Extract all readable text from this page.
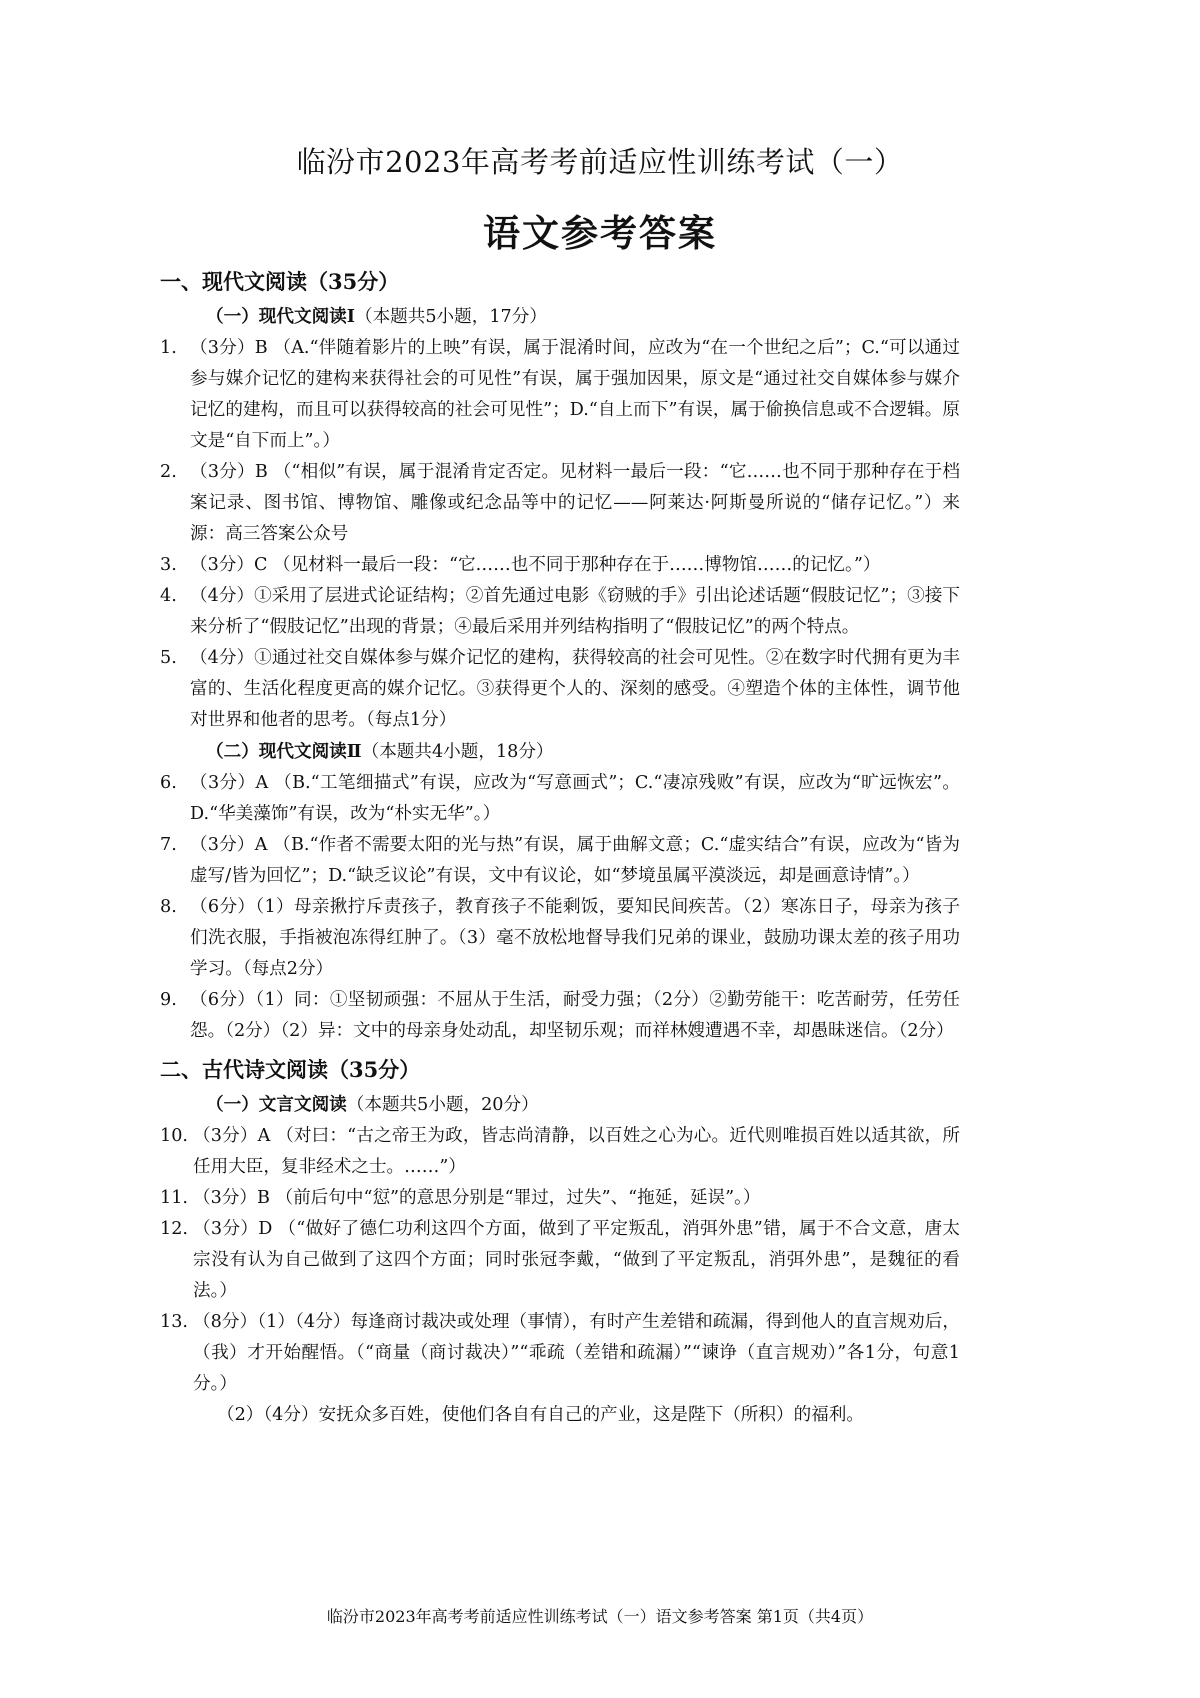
临汾市2023年高考考前适应性训练考试（一）
语文参考答案
一、现代文阅读（35分）
（一）现代文阅读Ⅰ（本题共5小题，17分）
1. （3分）B （A.“伴随着影片的上映”有误，属于混淆时间，应改为“在一个世纪之后”；C.“可以通过参与媒介记忆的建构来获得社会的可见性”有误，属于强加因果，原文是“通过社交自媒体参与媒介记忆的建构，而且可以获得较高的社会可见性”；D.“自上而下”有误，属于偷换信息或不合逻辑。原文是“自下而上”。）
2. （3分）B （“相似”有误，属于混淆肯定否定。见材料一最后一段：“它……也不同于那种存在于档案记录、图书馆、博物馆、雕像或纪念品等中的记忆——阿莱达·阿斯曼所说的“储存记忆。”）来源：高三答案公众号
3. （3分）C （见材料一最后一段：“它……也不同于那种存在于……博物馆……的记忆。”）
4. （4分）①采用了层进式论证结构；②首先通过电影《窃贼的手》引出论述话题“假肢记忆”；③接下来分析了“假肢记忆”出现的背景；④最后采用并列结构指明了“假肢记忆”的两个特点。
5. （4分）①通过社交自媒体参与媒介记忆的建构，获得较高的社会可见性。②在数字时代拥有更为丰富的、生活化程度更高的媒介记忆。③获得更个人的、深刻的感受。④塑造个体的主体性，调节他对世界和他者的思考。（每点1分）
（二）现代文阅读Ⅱ（本题共4小题，18分）
6. （3分）A （B.“工笔细描式”有误，应改为“写意画式”；C.“凄凉残败”有误，应改为“旷远恢宏”。D.“华美藻饰”有误，改为“朴实无华”。）
7. （3分）A （B.“作者不需要太阳的光与热”有误，属于曲解文意；C.“虚实结合”有误，应改为“皆为虚写/皆为回忆”；D.“缺乏议论”有误，文中有议论，如“梦境虽属平漠淡远，却是画意诗情”。）
8. （6分）（1）母亲揪拧斥责孩子，教育孩子不能剩饭，要知民间疾苦。（2）寒冻日子，母亲为孩子们洗衣服，手指被泡冻得红肿了。（3）毫不放松地督导我们兄弟的课业，鼓励功课太差的孩子用功学习。（每点2分）
9. （6分）（1）同：①坚韧顽强：不屈从于生活，耐受力强；（2分）②勤劳能干：吃苦耐劳，任劳任怨。（2分）（2）异：文中的母亲身处动乱，却坚韧乐观；而祥林嫂遭遇不幸，却愚昧迷信。（2分）
二、古代诗文阅读（35分）
（一）文言文阅读（本题共5小题，20分）
10. （3分）A （对曰：“古之帝王为政，皆志尚清静，以百姓之心为心。近代则唯损百姓以适其欲，所任用大臣，复非经术之士。……”）
11. （3分）B （前后句中“愆”的意思分别是“罪过，过失”、“拖延，延误”。）
12. （3分）D （“做好了德仁功利这四个方面，做到了平定叛乱，消弭外患”错，属于不合文意，唐太宗没有认为自己做到了这四个方面；同时张冠李戴，“做到了平定叛乱，消弭外患”，是魏征的看法。）
13. （8分）（1）（4分）每逢商讨裁决或处理（事情），有时产生差错和疏漏，得到他人的直言规劝后，（我）才开始醒悟。（“商量（商讨裁决）”“乖疏（差错和疏漏）”“谏诤（直言规劝）”各1分，句意1分。）
（2）（4分）安抚众多百姓，使他们各自有自己的产业，这是陛下（所积）的福利。
临汾市2023年高考考前适应性训练考试（一）语文参考答案 第1页（共4页）
